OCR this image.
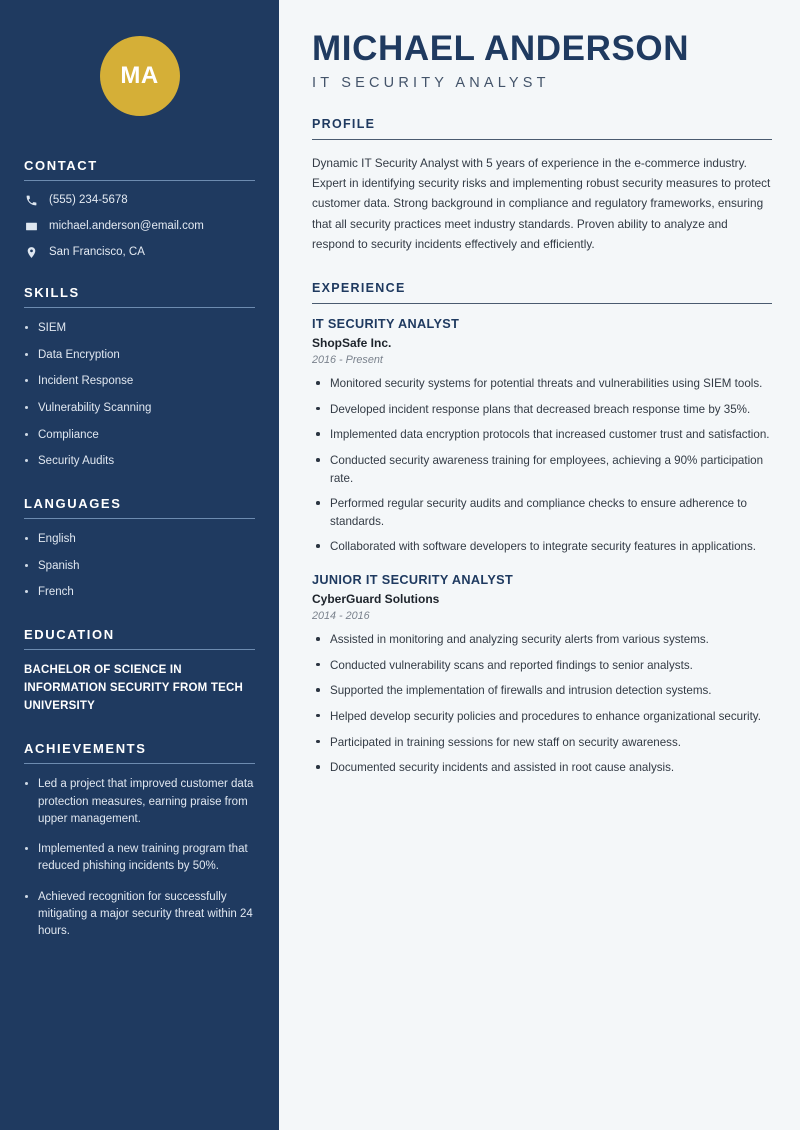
MA
CONTACT
(555) 234-5678
michael.anderson@email.com
San Francisco, CA
SKILLS
SIEM
Data Encryption
Incident Response
Vulnerability Scanning
Compliance
Security Audits
LANGUAGES
English
Spanish
French
EDUCATION
BACHELOR OF SCIENCE IN INFORMATION SECURITY FROM TECH UNIVERSITY
ACHIEVEMENTS
Led a project that improved customer data protection measures, earning praise from upper management.
Implemented a new training program that reduced phishing incidents by 50%.
Achieved recognition for successfully mitigating a major security threat within 24 hours.
MICHAEL ANDERSON
IT SECURITY ANALYST
PROFILE

Dynamic IT Security Analyst with 5 years of experience in the e-commerce industry. Expert in identifying security risks and implementing robust security measures to protect customer data. Strong background in compliance and regulatory frameworks, ensuring that all security practices meet industry standards. Proven ability to analyze and respond to security incidents effectively and efficiently.

EXPERIENCE
IT SECURITY ANALYST
ShopSafe Inc.
2016 - Present
Monitored security systems for potential threats and vulnerabilities using SIEM tools.
Developed incident response plans that decreased breach response time by 35%.
Implemented data encryption protocols that increased customer trust and satisfaction.
Conducted security awareness training for employees, achieving a 90% participation rate.
Performed regular security audits and compliance checks to ensure adherence to standards.
Collaborated with software developers to integrate security features in applications.
JUNIOR IT SECURITY ANALYST
CyberGuard Solutions
2014 - 2016
Assisted in monitoring and analyzing security alerts from various systems.
Conducted vulnerability scans and reported findings to senior analysts.
Supported the implementation of firewalls and intrusion detection systems.
Helped develop security policies and procedures to enhance organizational security.
Participated in training sessions for new staff on security awareness.
Documented security incidents and assisted in root cause analysis.
